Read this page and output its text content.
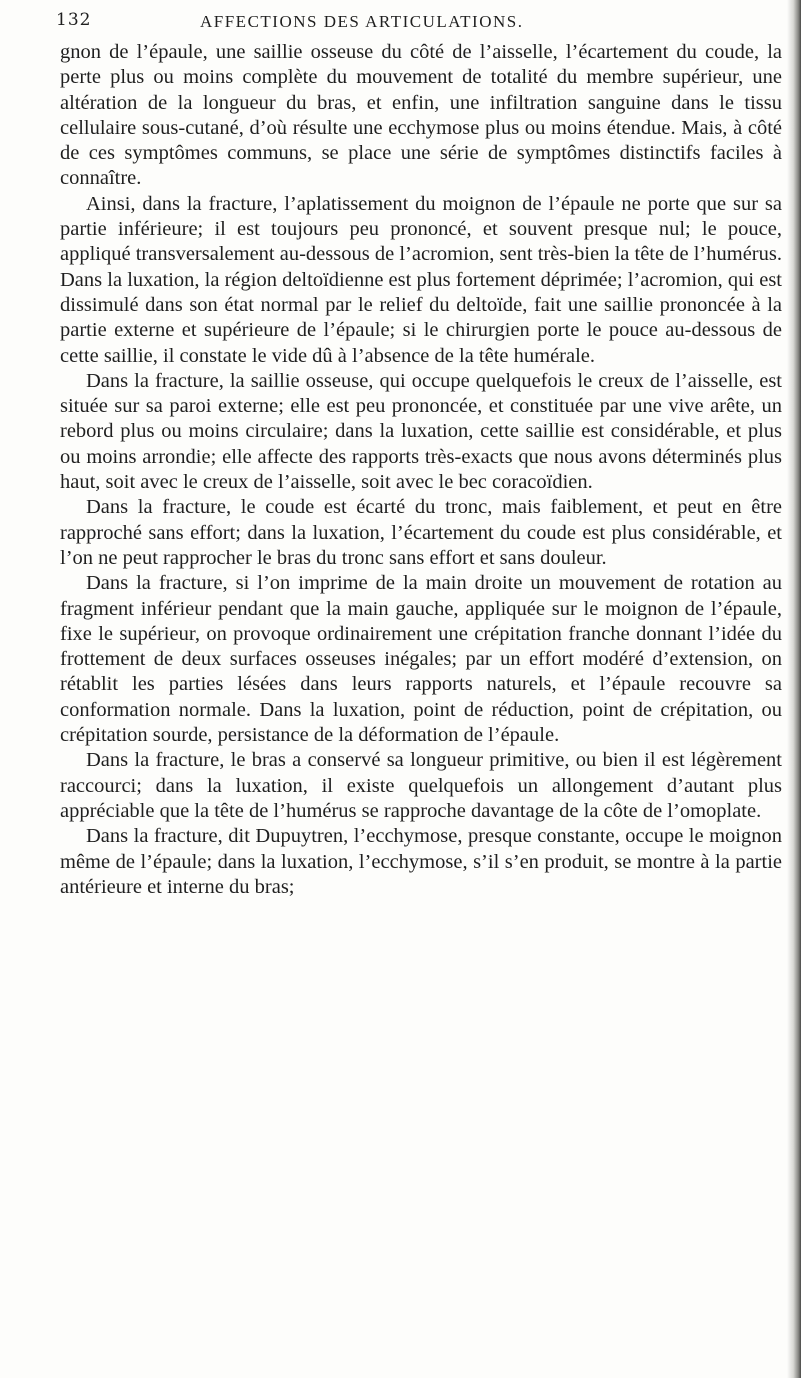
132	AFFECTIONS DES ARTICULATIONS.

gnon de l’épaule, une saillie osseuse du côté de l’aisselle, l’écartement du coude, la perte plus ou moins complète du mouvement de totalité du membre supérieur, une altération de la longueur du bras, et enfin, une infiltration sanguine dans le tissu cellulaire sous-cutané, d’où résulte une ecchymose plus ou moins étendue. Mais, à côté de ces symptômes communs, se place une série de symptômes distinctifs faciles à connaître.

Ainsi, dans la fracture, l’aplatissement du moignon de l’épaule ne porte que sur sa partie inférieure; il est toujours peu prononcé, et souvent presque nul; le pouce, appliqué transversalement au-dessous de l’acromion, sent très-bien la tête de l’humérus. Dans la luxation, la région deltoïdienne est plus fortement déprimée; l’acromion, qui est dissimulé dans son état normal par le relief du deltoïde, fait une saillie prononcée à la partie externe et supérieure de l’épaule; si le chirurgien porte le pouce au-dessous de cette saillie, il constate le vide dû à l’absence de la tête humérale.

Dans la fracture, la saillie osseuse, qui occupe quelquefois le creux de l’aisselle, est située sur sa paroi externe; elle est peu prononcée, et constituée par une vive arête, un rebord plus ou moins circulaire; dans la luxation, cette saillie est considérable, et plus ou moins arrondie; elle affecte des rapports très-exacts que nous avons déterminés plus haut, soit avec le creux de l’aisselle, soit avec le bec coracoïdien.

Dans la fracture, le coude est écarté du tronc, mais faiblement, et peut en être rapproché sans effort; dans la luxation, l’écartement du coude est plus considérable, et l’on ne peut rapprocher le bras du tronc sans effort et sans douleur.

Dans la fracture, si l’on imprime de la main droite un mouvement de rotation au fragment inférieur pendant que la main gauche, appliquée sur le moignon de l’épaule, fixe le supérieur, on provoque ordinairement une crépitation franche donnant l’idée du frottement de deux surfaces osseuses inégales; par un effort modéré d’extension, on rétablit les parties lésées dans leurs rapports naturels, et l’épaule recouvre sa conformation normale. Dans la luxation, point de réduction, point de crépitation, ou crépitation sourde, persistance de la déformation de l’épaule.

Dans la fracture, le bras a conservé sa longueur primitive, ou bien il est légèrement raccourci; dans la luxation, il existe quelquefois un allongement d’autant plus appréciable que la tête de l’humérus se rapproche davantage de la côte de l’omoplate.

Dans la fracture, dit Dupuytren, l’ecchymose, presque constante, occupe le moignon même de l’épaule; dans la luxation, l’ecchymose, s’il s’en produit, se montre à la partie antérieure et interne du bras;
